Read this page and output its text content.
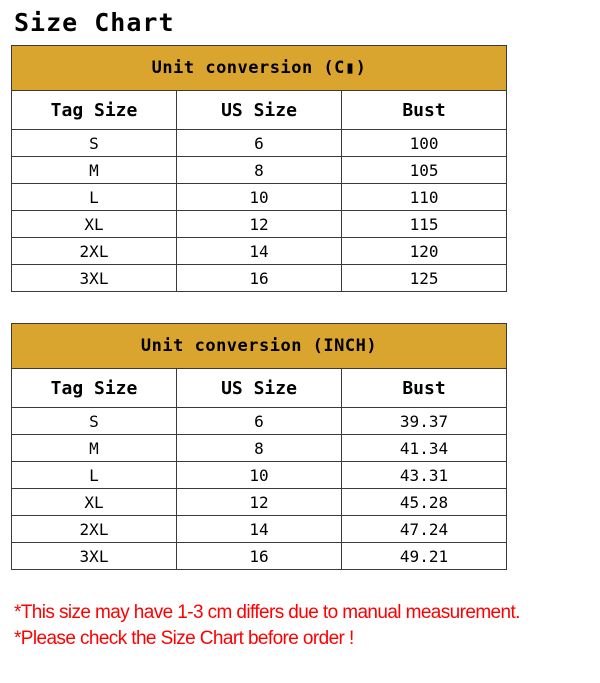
Size Chart
Unit conversion (C▮)		
Tag Size	US Size	Bust
S	6	100
M	8	105
L	10	110
XL	12	115
2XL	14	120
3XL	16	125
Unit conversion (INCH)		
Tag Size	US Size	Bust
S	6	39.37
M	8	41.34
L	10	43.31
XL	12	45.28
2XL	14	47.24
3XL	16	49.21
*This size may have 1-3 cm differs due to manual measurement.
*Please check the Size Chart before order !
